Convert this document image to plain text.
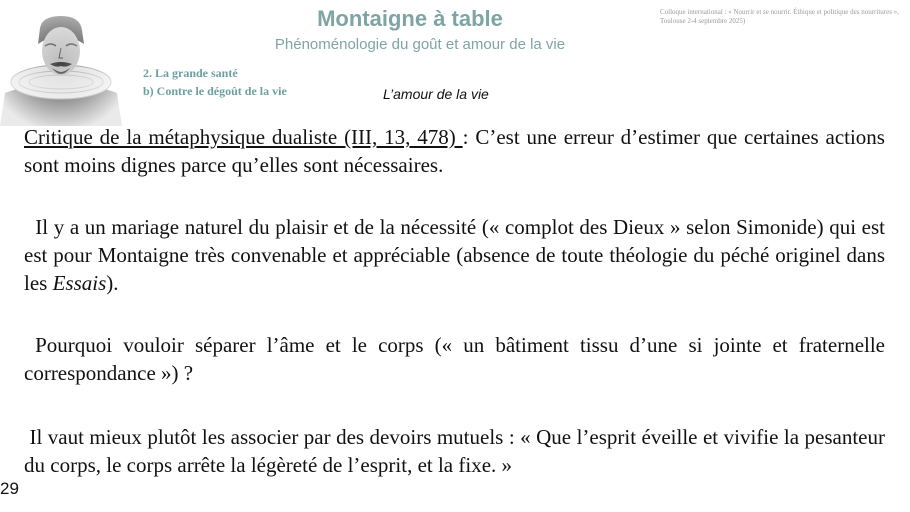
Montaigne à table
Phénoménologie du goût et amour de la vie
Colloque international : « Nourrir et se nourrir. Éthique et politique des nourritures », Toulouse 2-4 septembre 2025)
2. La grande santé
b) Contre le dégoût de la vie	L’amour de la vie

Critique de la métaphysique dualiste (III, 13, 478) : C’est une erreur d’estimer que certaines actions sont moins dignes parce qu’elles sont nécessaires.

Il y a un mariage naturel du plaisir et de la nécessité (« complot des Dieux » selon Simonide) qui est est pour Montaigne très convenable et appréciable (absence de toute théologie du péché originel dans les Essais).

Pourquoi vouloir séparer l’âme et le corps (« un bâtiment tissu d’une si jointe et fraternelle correspondance ») ?

Il vaut mieux plutôt les associer par des devoirs mutuels : « Que l’esprit éveille et vivifie la pesanteur du corps, le corps arrête la légèreté de l’esprit, et la fixe. »

29
